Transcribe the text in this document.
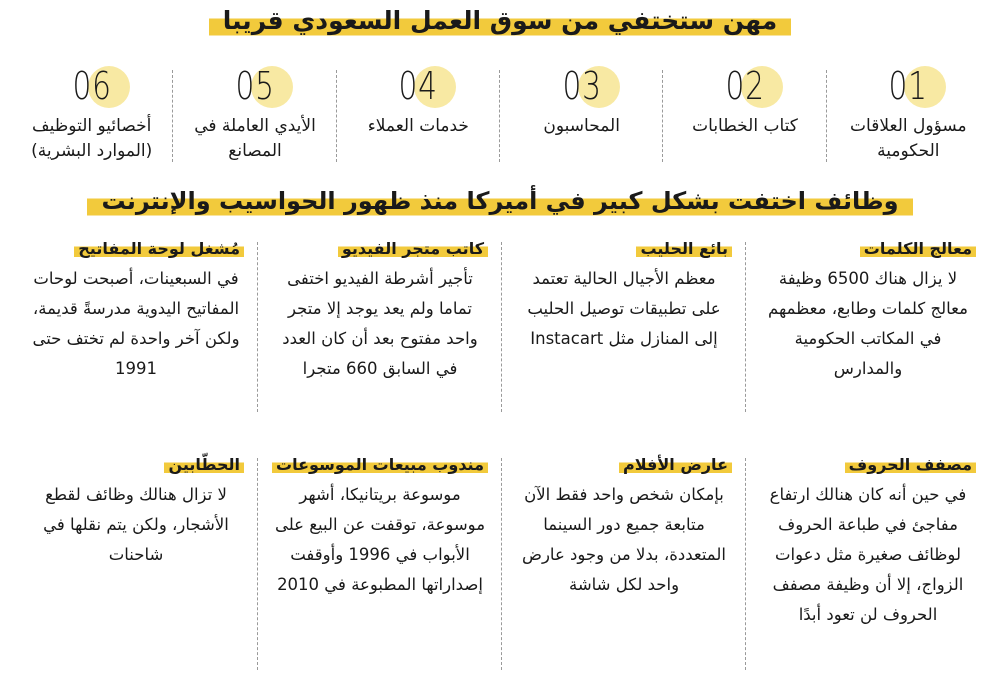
مهن ستختفي من سوق العمل السعودي قريبا
01
مسؤول العلاقات الحكومية
02
كتاب الخطابات
03
المحاسبون
04
خدمات العملاء
05
الأيدي العاملة في المصانع
06
أخصائيو التوظيف (الموارد البشرية)
وظائف اختفت بشكل كبير في أميركا منذ ظهور الحواسيب والإنترنت
معالج الكلمات
لا يزال هناك 6500 وظيفة معالج كلمات وطابع، معظمهم في المكاتب الحكومية والمدارس
بائع الحليب
معظم الأجيال الحالية تعتمد على تطبيقات توصيل الحليب إلى المنازل مثل Instacart
كاتب متجر الفيديو
تأجير أشرطة الفيديو اختفى تماما ولم يعد يوجد إلا متجر واحد مفتوح بعد أن كان العدد في السابق 660 متجرا
مُشغل لوحة المفاتيح
في السبعينات، أصبحت لوحات المفاتيح اليدوية مدرسةً قديمة، ولكن آخر واحدة لم تختف حتى 1991
مصفف الحروف
في حين أنه كان هنالك ارتفاع مفاجئ في طباعة الحروف لوظائف صغيرة مثل دعوات الزواج، إلا أن وظيفة مصفف الحروف لن تعود أبدًا
عارض الأفلام
بإمكان شخص واحد فقط الآن متابعة جميع دور السينما المتعددة، بدلا من وجود عارض واحد لكل شاشة
مندوب مبيعات الموسوعات
موسوعة بريتانيكا، أشهر موسوعة، توقفت عن البيع على الأبواب في 1996 وأوقفت إصداراتها المطبوعة في 2010
الحطّابين
لا تزال هنالك وظائف لقطع الأشجار، ولكن يتم نقلها في شاحنات
